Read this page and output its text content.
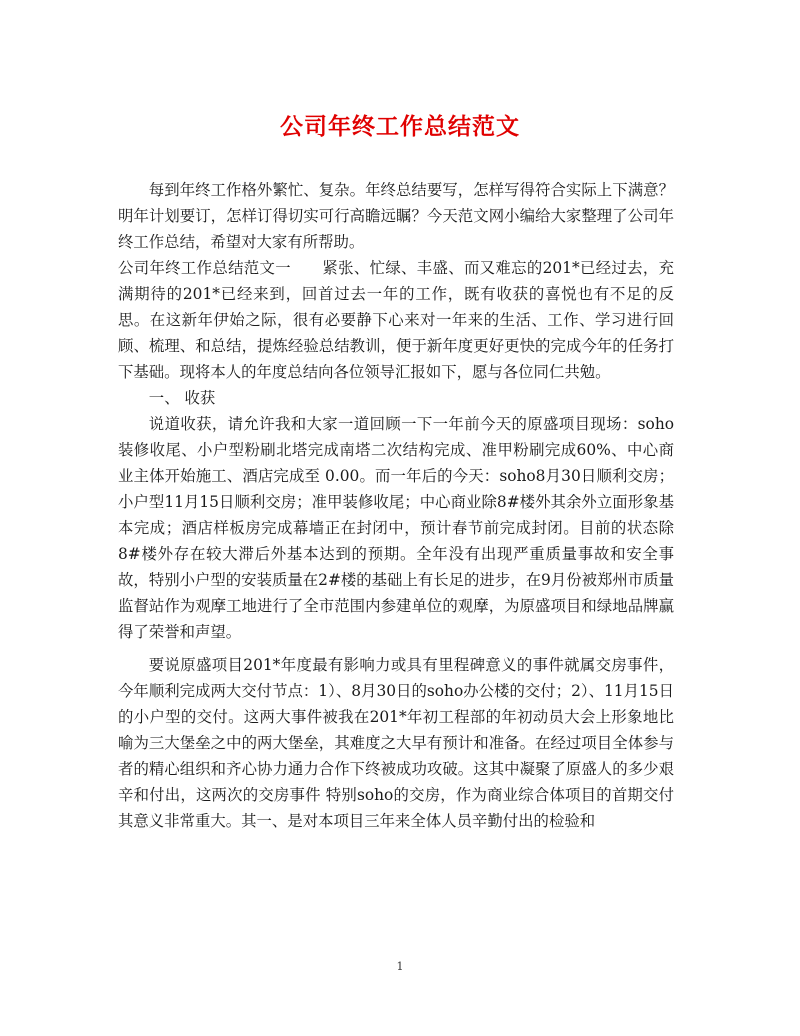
公司年终工作总结范文

每到年终工作格外繁忙、复杂。年终总结要写，怎样写得符合实际上下满意？明年计划要订，怎样订得切实可行高瞻远瞩？今天范文网小编给大家整理了公司年终工作总结，希望对大家有所帮助。

公司年终工作总结范文一　　紧张、忙绿、丰盛、而又难忘的201*已经过去，充满期待的201*已经来到，回首过去一年的工作，既有收获的喜悦也有不足的反思。在这新年伊始之际，很有必要静下心来对一年来的生活、工作、学习进行回顾、梳理、和总结，提炼经验总结教训，便于新年度更好更快的完成今年的任务打下基础。现将本人的年度总结向各位领导汇报如下，愿与各位同仁共勉。

一、 收获

说道收获，请允许我和大家一道回顾一下一年前今天的原盛项目现场：soho装修收尾、小户型粉刷北塔完成南塔二次结构完成、准甲粉刷完成60%、中心商业主体开始施工、酒店完成至 0.00。而一年后的今天：soho8月30日顺利交房；小户型11月15日顺利交房；准甲装修收尾；中心商业除8#楼外其余外立面形象基本完成；酒店样板房完成幕墙正在封闭中，预计春节前完成封闭。目前的状态除8#楼外存在较大滞后外基本达到的预期。全年没有出现严重质量事故和安全事故，特别小户型的安装质量在2#楼的基础上有长足的进步，在9月份被郑州市质量监督站作为观摩工地进行了全市范围内参建单位的观摩，为原盛项目和绿地品牌赢得了荣誉和声望。

要说原盛项目201*年度最有影响力或具有里程碑意义的事件就属交房事件，今年顺利完成两大交付节点：1）、8月30日的soho办公楼的交付；2）、11月15日的小户型的交付。这两大事件被我在201*年初工程部的年初动员大会上形象地比喻为三大堡垒之中的两大堡垒，其难度之大早有预计和准备。在经过项目全体参与者的精心组织和齐心协力通力合作下终被成功攻破。这其中凝聚了原盛人的多少艰辛和付出，这两次的交房事件 特别soho的交房，作为商业综合体项目的首期交付其意义非常重大。其一、是对本项目三年来全体人员辛勤付出的检验和

1
